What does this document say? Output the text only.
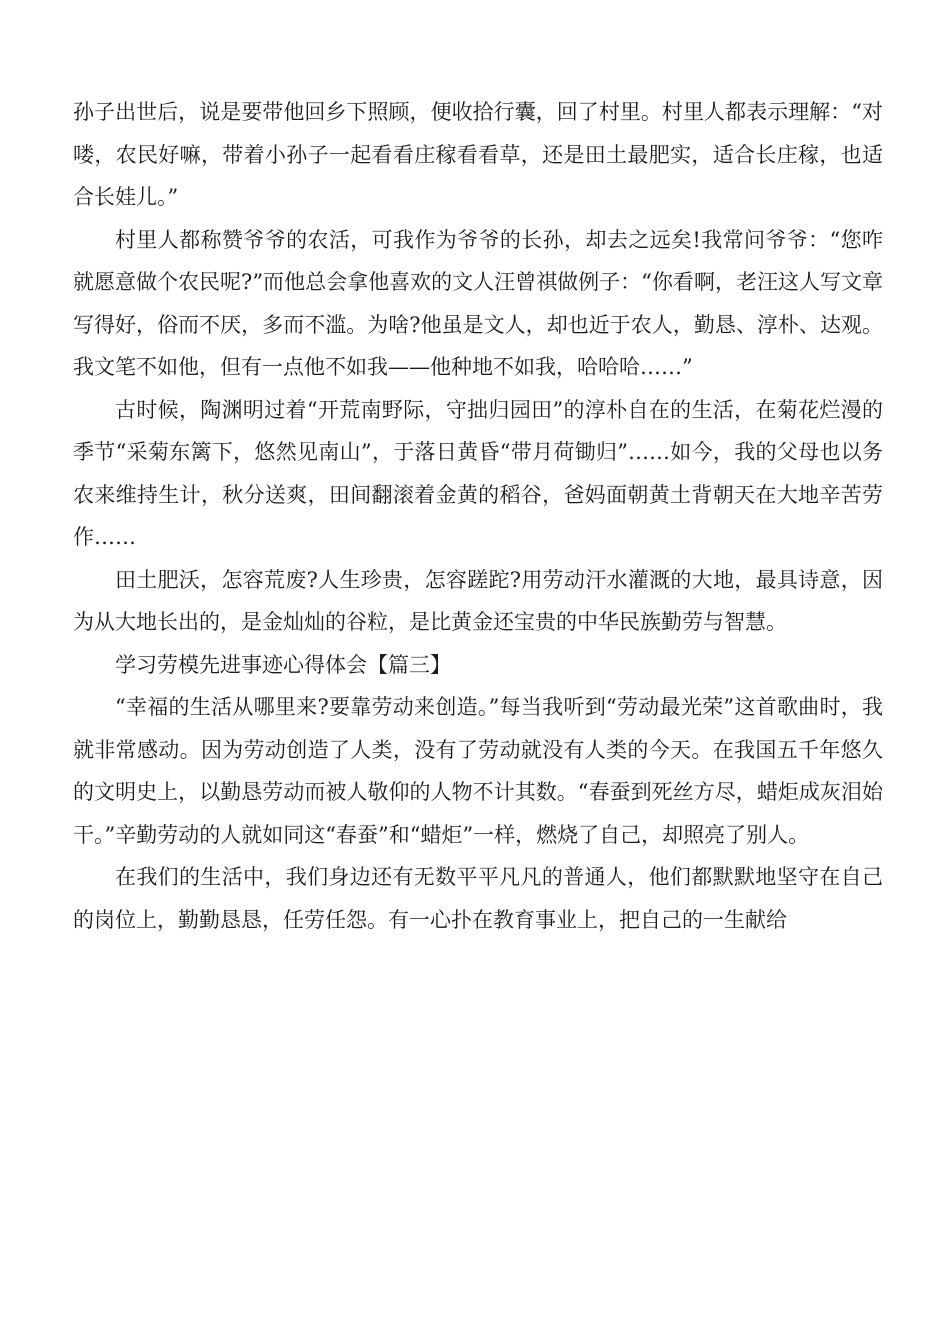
孙子出世后，说是要带他回乡下照顾，便收拾行囊，回了村里。村里人都表示理解：“对喽，农民好嘛，带着小孙子一起看看庄稼看看草，还是田土最肥实，适合长庄稼，也适合长娃儿。”

村里人都称赞爷爷的农活，可我作为爷爷的长孙，却去之远矣!我常问爷爷：“您咋就愿意做个农民呢?”而他总会拿他喜欢的文人汪曾祺做例子：“你看啊，老汪这人写文章写得好，俗而不厌，多而不滥。为啥?他虽是文人，却也近于农人，勤恳、淳朴、达观。我文笔不如他，但有一点他不如我——他种地不如我，哈哈哈……”

古时候，陶渊明过着“开荒南野际，守拙归园田”的淳朴自在的生活，在菊花烂漫的季节“采菊东篱下，悠然见南山”，于落日黄昏“带月荷锄归”……如今，我的父母也以务农来维持生计，秋分送爽，田间翻滚着金黄的稻谷，爸妈面朝黄土背朝天在大地辛苦劳作……

田土肥沃，怎容荒废?人生珍贵，怎容蹉跎?用劳动汗水灌溉的大地，最具诗意，因为从大地长出的，是金灿灿的谷粒，是比黄金还宝贵的中华民族勤劳与智慧。

学习劳模先进事迹心得体会【篇三】

“幸福的生活从哪里来?要靠劳动来创造。”每当我听到“劳动最光荣”这首歌曲时，我就非常感动。因为劳动创造了人类，没有了劳动就没有人类的今天。在我国五千年悠久的文明史上，以勤恳劳动而被人敬仰的人物不计其数。“春蚕到死丝方尽，蜡炬成灰泪始干。”辛勤劳动的人就如同这“春蚕”和“蜡炬”一样，燃烧了自己，却照亮了别人。

在我们的生活中，我们身边还有无数平平凡凡的普通人，他们都默默地坚守在自己的岗位上，勤勤恳恳，任劳任怨。有一心扑在教育事业上，把自己的一生献给
